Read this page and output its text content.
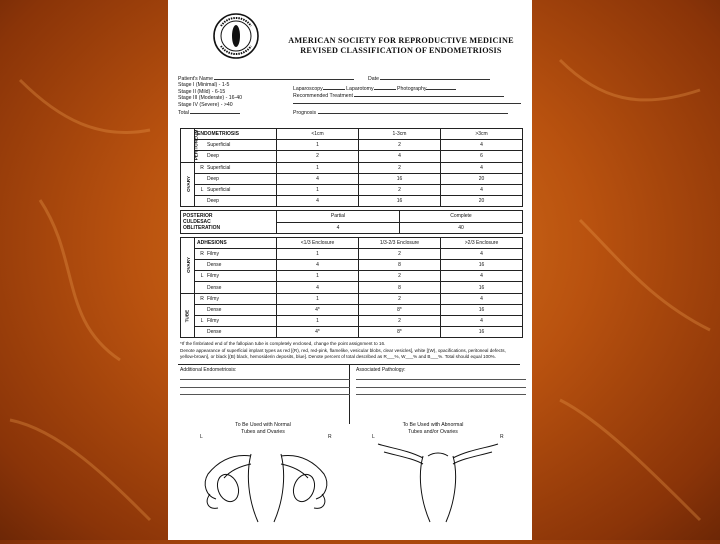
AMERICAN SOCIETY FOR REPRODUCTIVE MEDICINE
REVISED CLASSIFICATION OF ENDOMETRIOSIS
Patient's Name	Date
Stage I (Minimal) - 1-5
Stage II (Mild) - 6-15
Stage III (Moderate) - 16-40
Stage IV (Severe) - >40
Total
Laparoscopy	Laparotomy	Photography
Recommended Treatment
Prognosis
PERITONEUM	ENDOMETRIOSIS	<1cm	1-3cm	>3cm
	Superficial	1	2	4
	Deep	2	4	6
OVARY	R Superficial	1	2	4
	Deep	4	16	20
	L Superficial	1	2	4
	Deep	4	16	20
POSTERIOR
CULDESAC
OBLITERATION	Partial	Complete
	4	40
OVARY	ADHESIONS	<1/3 Enclosure	1/3-2/3 Enclosure	>2/3 Enclosure
	R Filmy	1	2	4
	Dense	4	8	16
	L Filmy	1	2	4
	Dense	4	8	16
TUBE	R Filmy	1	2	4
	Dense	4*	8*	16
	L Filmy	1	2	4
	Dense	4*	8*	16
*If the fimbriated end of the fallopian tube is completely enclosed, change the point assignment to 16.
Denote appearance of superficial implant types as red [(R), red, red-pink, flamelike, vesicular blobs, clear vesicles], white [(W), opacifications, peritoneal defects, yellow-brown], or black [(B) black, hemosiderin deposits, blue]. Denote percent of total described as R___%, W___% and B___%. Total should equal 100%.
Additional Endometriosis:	Associated Pathology:
To Be Used with Normal
Tubes and Ovaries
To Be Used with Abnormal
Tubes and/or Ovaries
L	R	L	R
